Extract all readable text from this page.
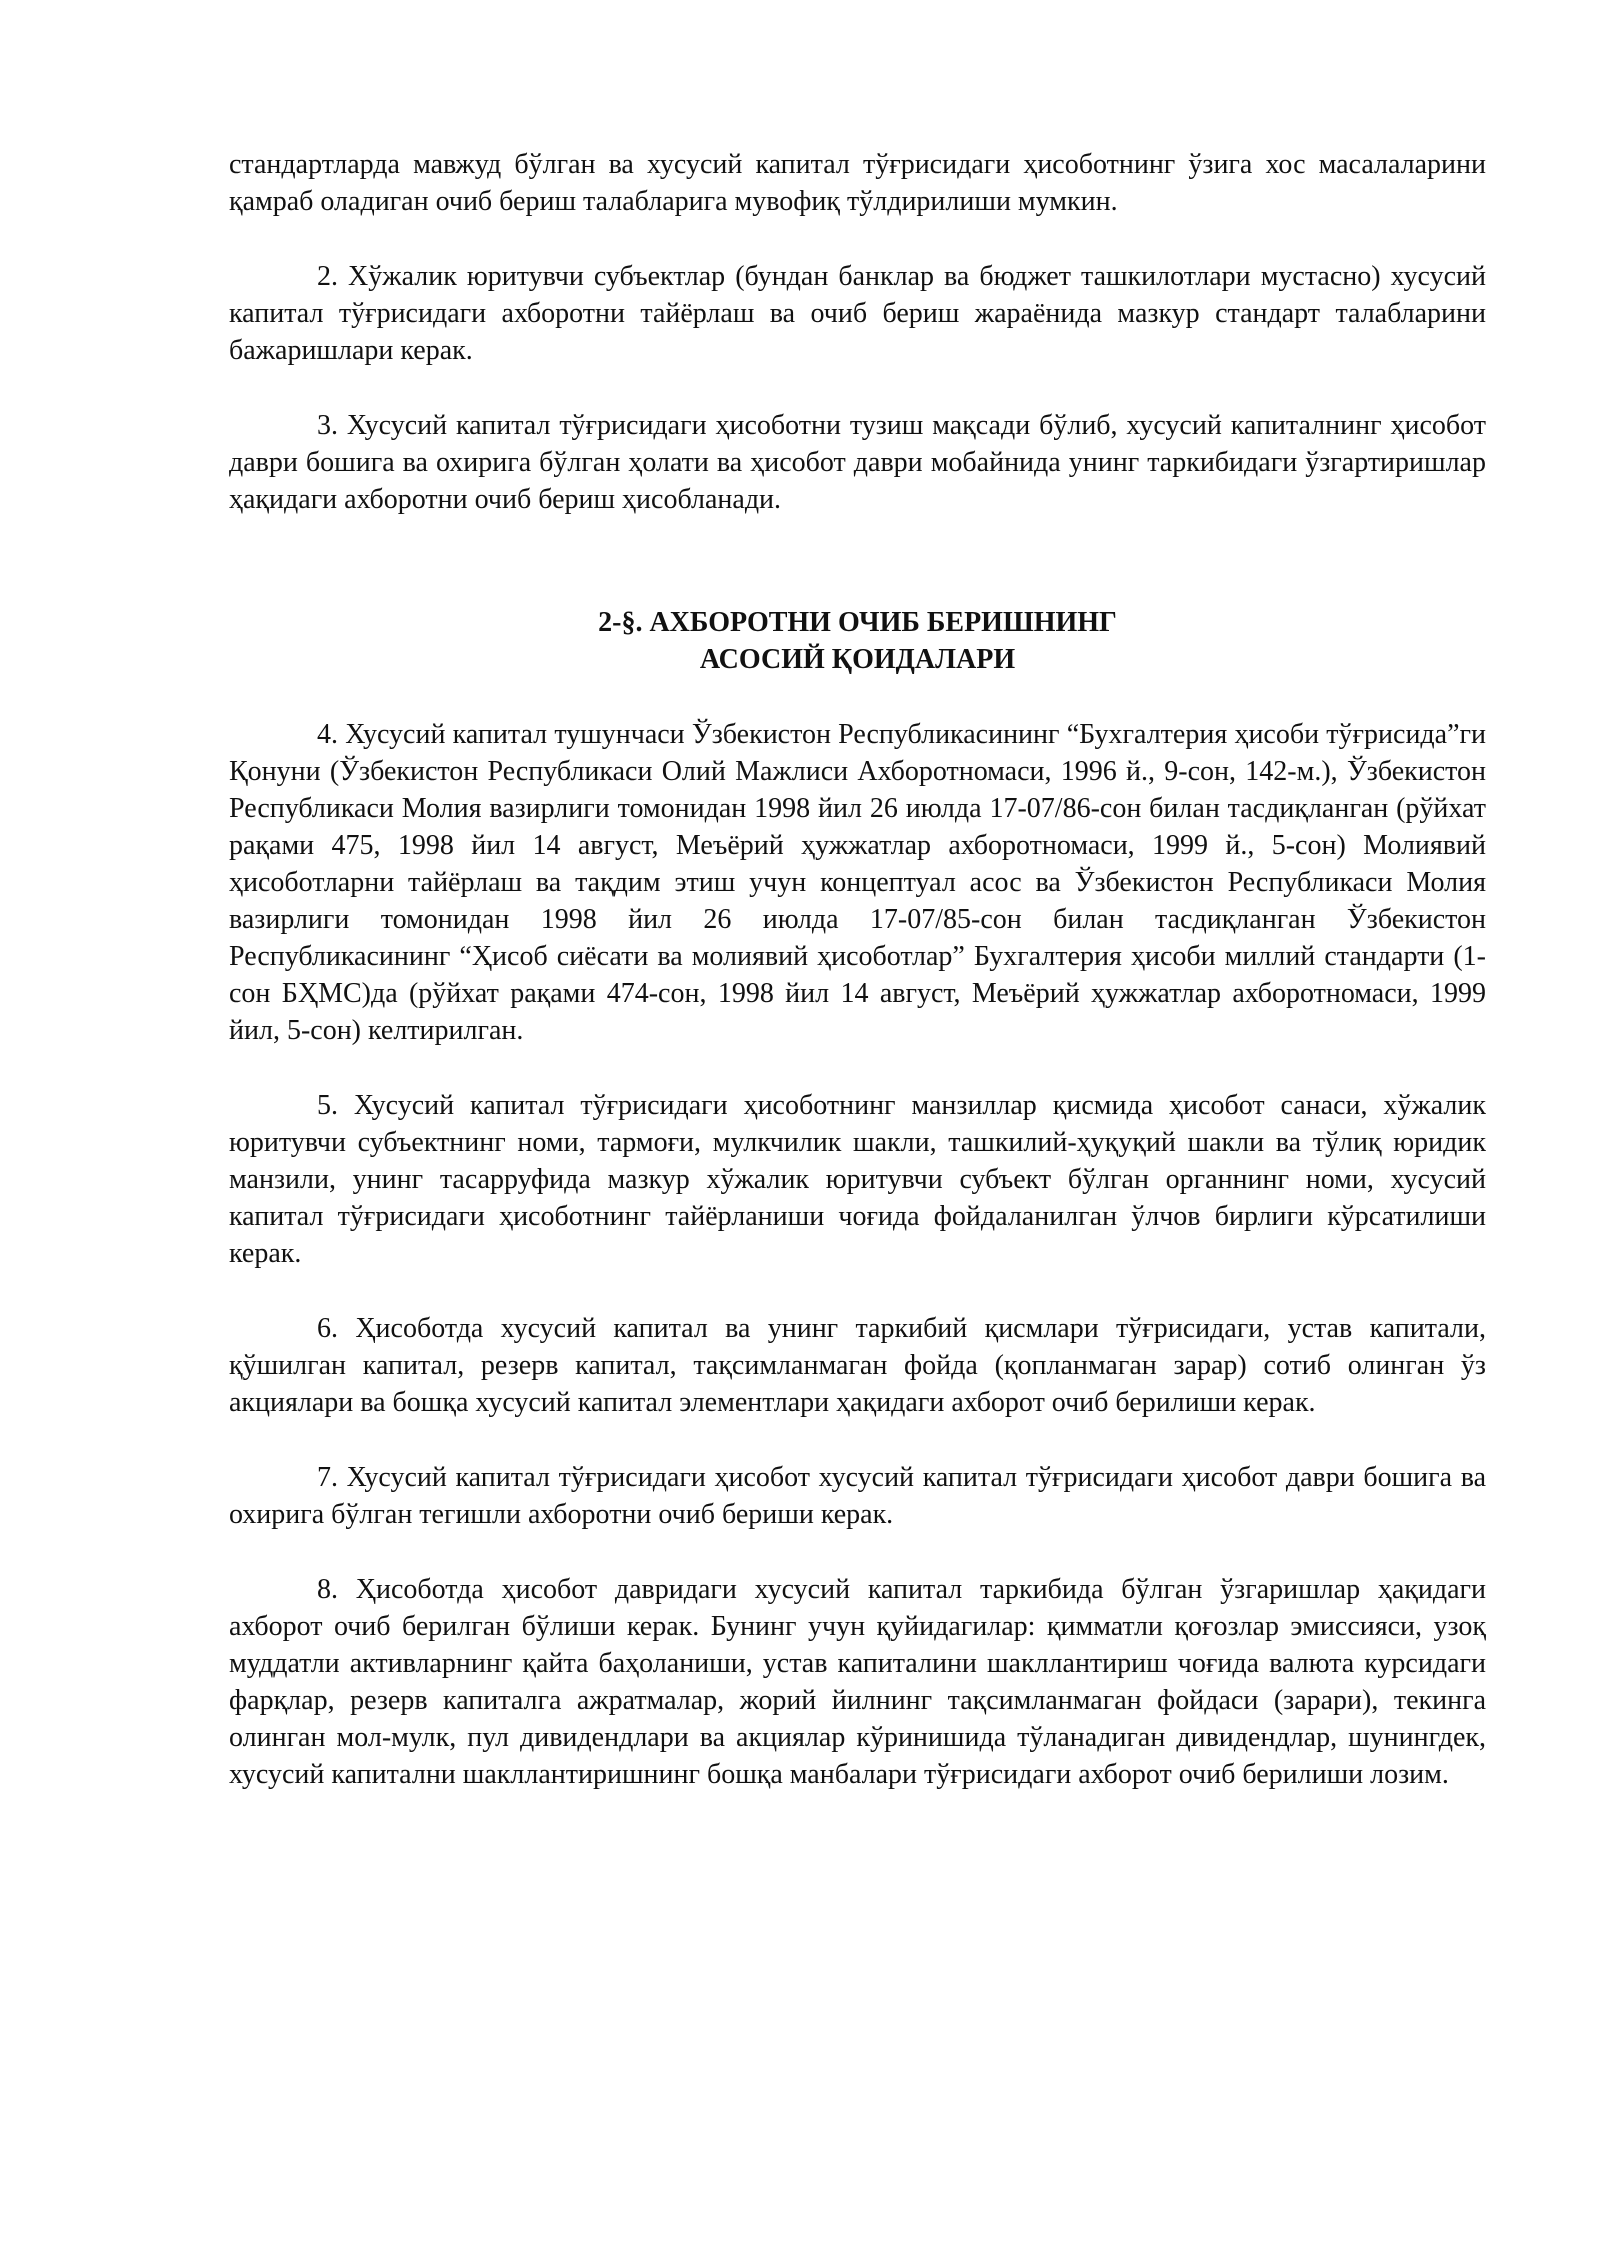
стандартларда мавжуд бўлган ва хусусий капитал тўғрисидаги ҳисоботнинг ўзига хос масалаларини қамраб оладиган очиб бериш талабларига мувофиқ тўлдирилиши мумкин.

2. Хўжалик юритувчи субъектлар (бундан банклар ва бюджет ташкилотлари мустасно) хусусий капитал тўғрисидаги ахборотни тайёрлаш ва очиб бериш жараёнида мазкур стандарт талабларини бажаришлари керак.

3. Хусусий капитал тўғрисидаги ҳисоботни тузиш мақсади бўлиб, хусусий капиталнинг ҳисобот даври бошига ва охирига бўлган ҳолати ва ҳисобот даври мобайнида унинг таркибидаги ўзгартиришлар ҳақидаги ахборотни очиб бериш ҳисобланади.

2-§. АХБОРОТНИ ОЧИБ БЕРИШНИНГ
АСОСИЙ ҚОИДАЛАРИ

4. Хусусий капитал тушунчаси Ўзбекистон Республикасининг “Бухгалтерия ҳисоби тўғрисида”ги Қонуни (Ўзбекистон Республикаси Олий Мажлиси Ахборотномаси, 1996 й., 9-сон, 142-м.), Ўзбекистон Республикаси Молия вазирлиги томонидан 1998 йил 26 июлда 17-07/86-сон билан тасдиқланган (рўйхат рақами 475, 1998 йил 14 август, Меъёрий ҳужжатлар ахборотномаси, 1999 й., 5-сон) Молиявий ҳисоботларни тайёрлаш ва тақдим этиш учун концептуал асос ва Ўзбекистон Республикаси Молия вазирлиги томонидан 1998 йил 26 июлда 17-07/85-сон билан тасдиқланган Ўзбекистон Республикасининг “Ҳисоб сиёсати ва молиявий ҳисоботлар” Бухгалтерия ҳисоби миллий стандарти (1-сон БҲМС)да (рўйхат рақами 474-сон, 1998 йил 14 август, Меъёрий ҳужжатлар ахборотномаси, 1999 йил, 5-сон) келтирилган.

5. Хусусий капитал тўғрисидаги ҳисоботнинг манзиллар қисмида ҳисобот санаси, хўжалик юритувчи субъектнинг номи, тармоғи, мулкчилик шакли, ташкилий-ҳуқуқий шакли ва тўлиқ юридик манзили, унинг тасарруфида мазкур хўжалик юритувчи субъект бўлган органнинг номи, хусусий капитал тўғрисидаги ҳисоботнинг тайёрланиши чоғида фойдаланилган ўлчов бирлиги кўрсатилиши керак.

6. Ҳисоботда хусусий капитал ва унинг таркибий қисмлари тўғрисидаги, устав капитали, қўшилган капитал, резерв капитал, тақсимланмаган фойда (қопланмаган зарар) сотиб олинган ўз акциялари ва бошқа хусусий капитал элементлари ҳақидаги ахборот очиб берилиши керак.

7. Хусусий капитал тўғрисидаги ҳисобот хусусий капитал тўғрисидаги ҳисобот даври бошига ва охирига бўлган тегишли ахборотни очиб бериши керак.

8. Ҳисоботда ҳисобот давридаги хусусий капитал таркибида бўлган ўзгаришлар ҳақидаги ахборот очиб берилган бўлиши керак. Бунинг учун қуйидагилар: қимматли қоғозлар эмиссияси, узоқ муддатли активларнинг қайта баҳоланиши, устав капиталини шакллантириш чоғида валюта курсидаги фарқлар, резерв капиталга ажратмалар, жорий йилнинг тақсимланмаган фойдаси (зарари), текинга олинган мол-мулк, пул дивидендлари ва акциялар кўринишида тўланадиган дивидендлар, шунингдек, хусусий капитални шакллантиришнинг бошқа манбалари тўғрисидаги ахборот очиб берилиши лозим.
